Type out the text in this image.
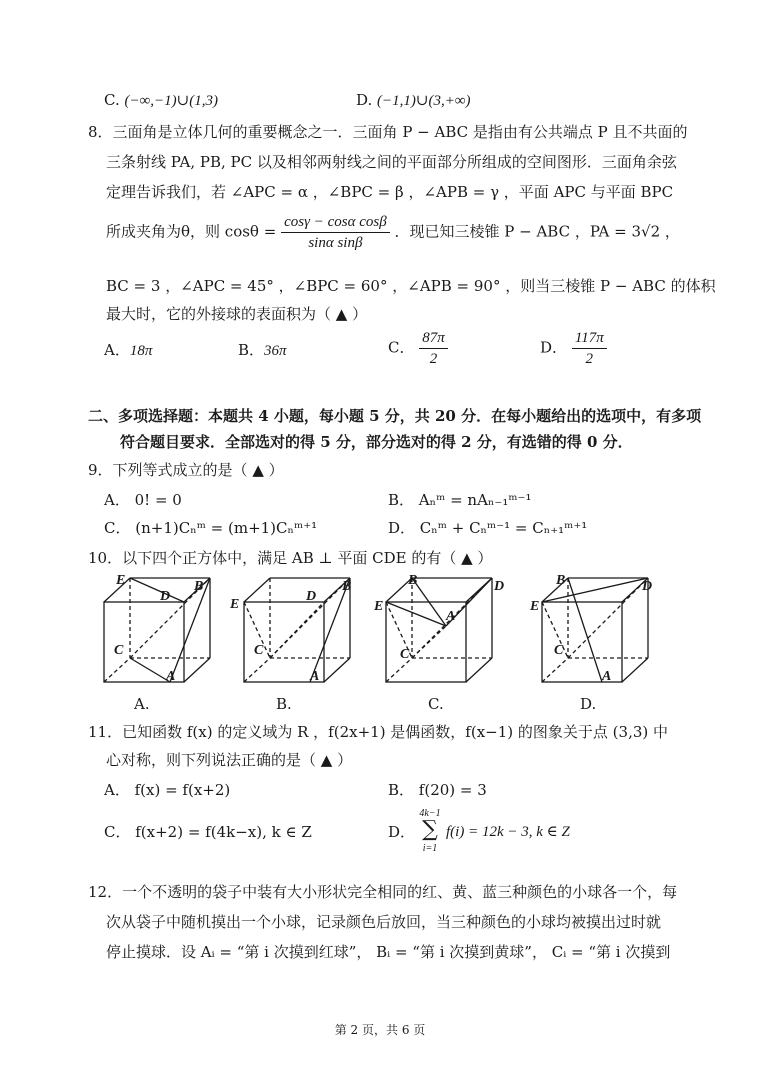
C. (−∞,−1)∪(1,3)	D. (−1,1)∪(3,+∞)
8．三面角是立体几何的重要概念之一．三面角 P − ABC 是指由有公共端点 P 且不共面的
三条射线 PA, PB, PC 以及相邻两射线之间的平面部分所组成的空间图形．三面角余弦
定理告诉我们，若 ∠APC = α ，∠BPC = β ，∠APB = γ ，平面 APC 与平面 BPC
所成夹角为θ，则 $\cos\theta = \frac{\text{cosγ − cosα cosβ}}{\text{sinα sinβ}}$ ．现已知三棱锥 P − ABC ，PA = 3√2 ，
BC = 3 ，∠APC = 45° ，∠BPC = 60° ，∠APB = 90° ，则当三棱锥 P − ABC 的体积
最大时，它的外接球的表面积为（ ▲ ）
A．18π	B．36π	C． $\frac{87\pi}{2}$	D． $\frac{117\pi}{2}$
二、多项选择题：本题共 4 小题，每小题 5 分，共 20 分．在每小题给出的选项中，有多项
符合题目要求．全部选对的得 5 分，部分选对的得 2 分，有选错的得 0 分．
9．下列等式成立的是（ ▲ ）
A． 0! = 0	B． Aₙᵐ = nAₙ₋₁ᵐ⁻¹
C． (n+1)Cₙᵐ = (m+1)Cₙᵐ⁺¹	D． Cₙᵐ + Cₙᵐ⁻¹ = Cₙ₊₁ᵐ⁺¹
10．以下四个正方体中，满足 AB ⊥ 平面 CDE 的有（ ▲ ）
E	B
D
C
A
E
B
D
C
A
B	D
E
A
C
B	D
E
C
A
A.	B.	C.	D.
11．已知函数 f(x) 的定义域为 R ，f(2x+1) 是偶函数，f(x−1) 的图象关于点 (3,3) 中
心对称，则下列说法正确的是（ ▲ ）
A． f(x) = f(x+2)	B． f(20) = 3
C． f(x+2) = f(4k−x), k ∈ Z	D．
4k−1
∑
i=1
f(i) = 12k − 3, k ∈ Z
12．一个不透明的袋子中装有大小形状完全相同的红、黄、蓝三种颜色的小球各一个，每
次从袋子中随机摸出一个小球，记录颜色后放回，当三种颜色的小球均被摸出过时就
停止摸球．设 Aᵢ = “第 i 次摸到红球”， Bᵢ = “第 i 次摸到黄球”， Cᵢ = “第 i 次摸到
第 2 页，共 6 页
